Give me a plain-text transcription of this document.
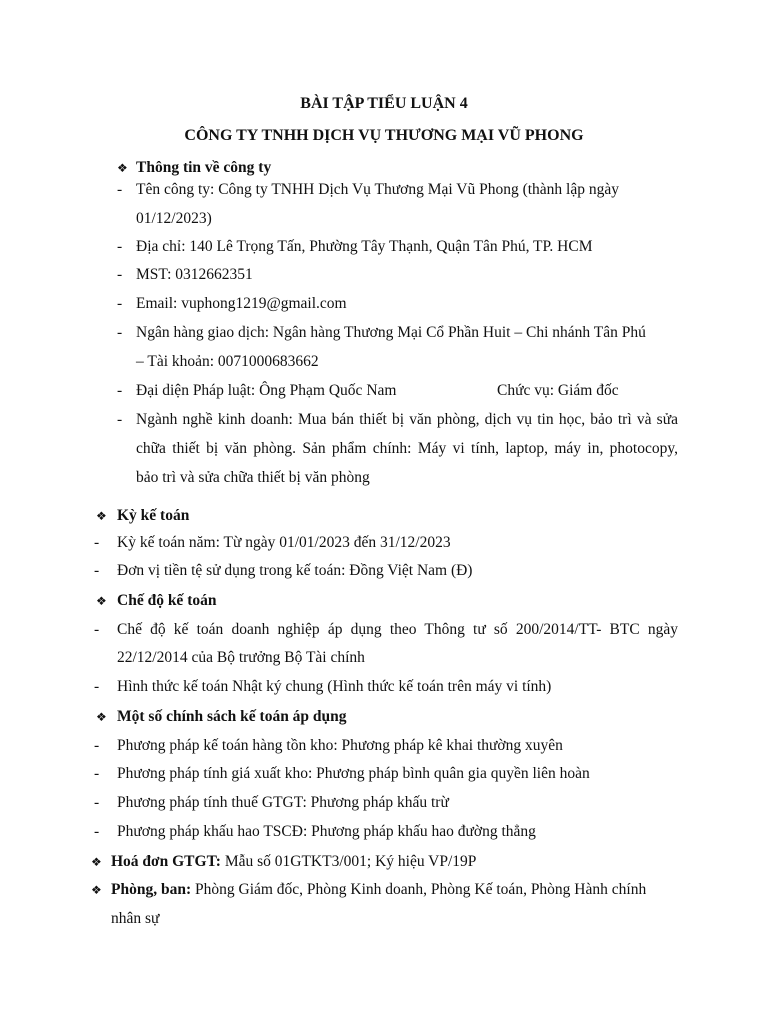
BÀI TẬP TIỂU LUẬN 4
CÔNG TY TNHH DỊCH VỤ THƯƠNG MẠI VŨ PHONG
❖ Thông tin về công ty
- Tên công ty: Công ty TNHH Dịch Vụ Thương Mại Vũ Phong (thành lập ngày
01/12/2023)
- Địa chỉ: 140 Lê Trọng Tấn, Phường Tây Thạnh, Quận Tân Phú, TP. HCM
- MST: 0312662351
- Email: vuphong1219@gmail.com
- Ngân hàng giao dịch: Ngân hàng Thương Mại Cổ Phần Huit – Chi nhánh Tân Phú
– Tài khoản: 0071000683662
- Đại diện Pháp luật: Ông Phạm Quốc Nam	Chức vụ: Giám đốc
- Ngành nghề kinh doanh: Mua bán thiết bị văn phòng, dịch vụ tin học, bảo trì và sửa
chữa thiết bị văn phòng. Sản phẩm chính: Máy vi tính, laptop, máy in, photocopy,
bảo trì và sửa chữa thiết bị văn phòng
❖ Kỳ kế toán
- Kỳ kế toán năm: Từ ngày 01/01/2023 đến 31/12/2023
- Đơn vị tiền tệ sử dụng trong kế toán: Đồng Việt Nam (Đ)
❖ Chế độ kế toán
- Chế độ kế toán doanh nghiệp áp dụng theo Thông tư số 200/2014/TT- BTC ngày
22/12/2014 của Bộ trưởng Bộ Tài chính
- Hình thức kế toán Nhật ký chung (Hình thức kế toán trên máy vi tính)
❖ Một số chính sách kế toán áp dụng
- Phương pháp kế toán hàng tồn kho: Phương pháp kê khai thường xuyên
- Phương pháp tính giá xuất kho: Phương pháp bình quân gia quyền liên hoàn
- Phương pháp tính thuế GTGT: Phương pháp khấu trừ
- Phương pháp khấu hao TSCĐ: Phương pháp khấu hao đường thẳng
❖ Hoá đơn GTGT: Mẫu số 01GTKT3/001; Ký hiệu VP/19P
❖ Phòng, ban: Phòng Giám đốc, Phòng Kinh doanh, Phòng Kế toán, Phòng Hành chính
nhân sự
